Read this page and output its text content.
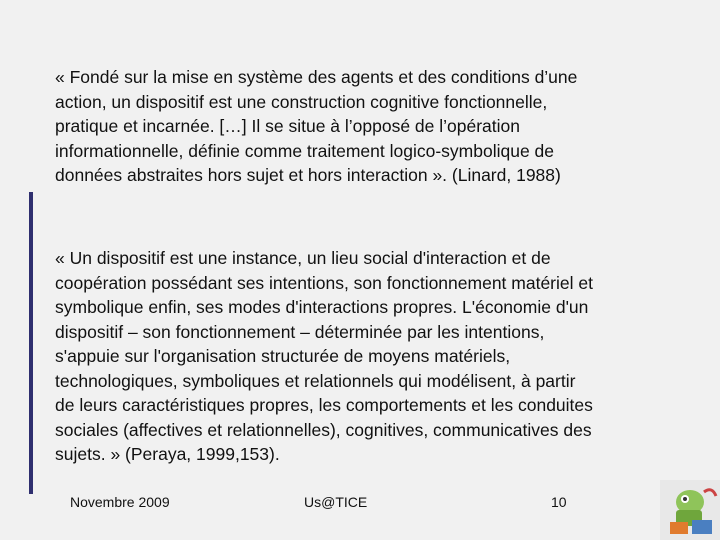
« Fondé sur la mise en système des agents et des conditions d’une
action, un dispositif est une construction cognitive fonctionnelle,
pratique et incarnée. […] Il se situe à l’opposé de l’opération
informationnelle, définie comme traitement logico-symbolique de
données abstraites hors sujet et hors interaction ». (Linard, 1988)

« Un dispositif est une instance, un lieu social d'interaction et de
coopération possédant ses intentions, son fonctionnement matériel et
symbolique enfin, ses modes d'interactions propres. L'économie d'un
dispositif – son fonctionnement – déterminée par les intentions,
s'appuie sur l'organisation structurée de moyens matériels,
technologiques, symboliques et relationnels qui modélisent, à partir
de leurs caractéristiques propres, les comportements et les conduites
sociales (affectives et relationnelles), cognitives, communicatives des
sujets. » (Peraya, 1999,153).

Novembre 2009	Us@TICE	10
